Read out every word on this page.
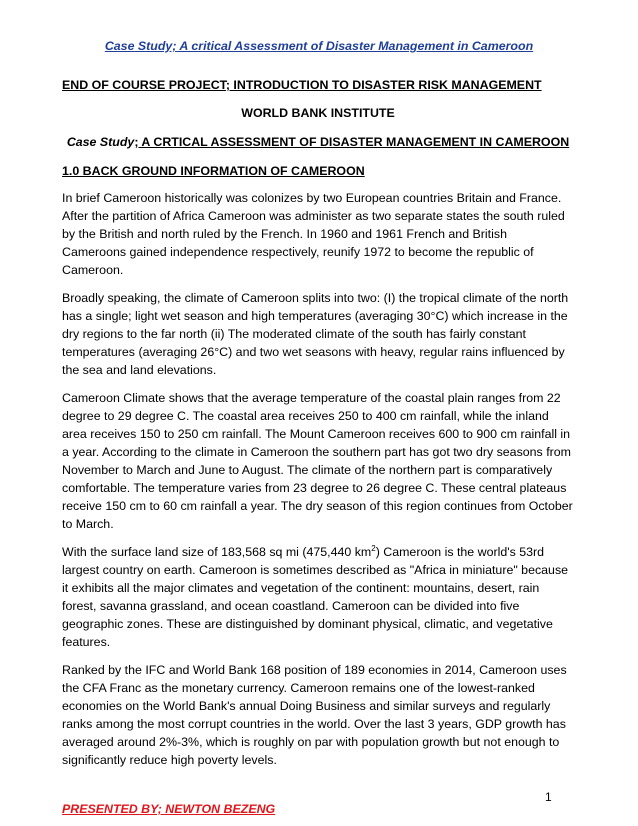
Case Study; A critical Assessment of Disaster Management in Cameroon
END OF COURSE PROJECT; INTRODUCTION TO DISASTER RISK MANAGEMENT
WORLD BANK INSTITUTE
Case Study; A CRTICAL ASSESSMENT OF DISASTER MANAGEMENT IN CAMEROON
1.0 BACK GROUND INFORMATION OF CAMEROON

In brief Cameroon historically was colonizes by two European countries Britain and France. After the partition of Africa Cameroon was administer as two separate states the south ruled by the British and north ruled by the French. In 1960 and 1961 French and British Cameroons gained independence respectively, reunify 1972 to become the republic of Cameroon.

Broadly speaking, the climate of Cameroon splits into two: (I) the tropical climate of the north has a single; light wet season and high temperatures (averaging 30°C) which increase in the dry regions to the far north (ii) The moderated climate of the south has fairly constant temperatures (averaging 26°C) and two wet seasons with heavy, regular rains influenced by the sea and land elevations.

Cameroon Climate shows that the average temperature of the coastal plain ranges from 22 degree to 29 degree C. The coastal area receives 250 to 400 cm rainfall, while the inland area receives 150 to 250 cm rainfall. The Mount Cameroon receives 600 to 900 cm rainfall in a year. According to the climate in Cameroon the southern part has got two dry seasons from November to March and June to August. The climate of the northern part is comparatively comfortable. The temperature varies from 23 degree to 26 degree C. These central plateaus receive 150 cm to 60 cm rainfall a year. The dry season of this region continues from October to March.

With the surface land size of 183,568 sq mi (475,440 $km^2$) Cameroon is the world's 53rd largest country on earth. Cameroon is sometimes described as "Africa in miniature" because it exhibits all the major climates and vegetation of the continent: mountains, desert, rain forest, savanna grassland, and ocean coastland. Cameroon can be divided into five geographic zones. These are distinguished by dominant physical, climatic, and vegetative features.

Ranked by the IFC and World Bank 168 position of 189 economies in 2014, Cameroon uses the CFA Franc as the monetary currency. Cameroon remains one of the lowest-ranked economies on the World Bank's annual Doing Business and similar surveys and regularly ranks among the most corrupt countries in the world. Over the last 3 years, GDP growth has averaged around 2%-3%, which is roughly on par with population growth but not enough to significantly reduce high poverty levels.

1
PRESENTED BY; NEWTON BEZENG
